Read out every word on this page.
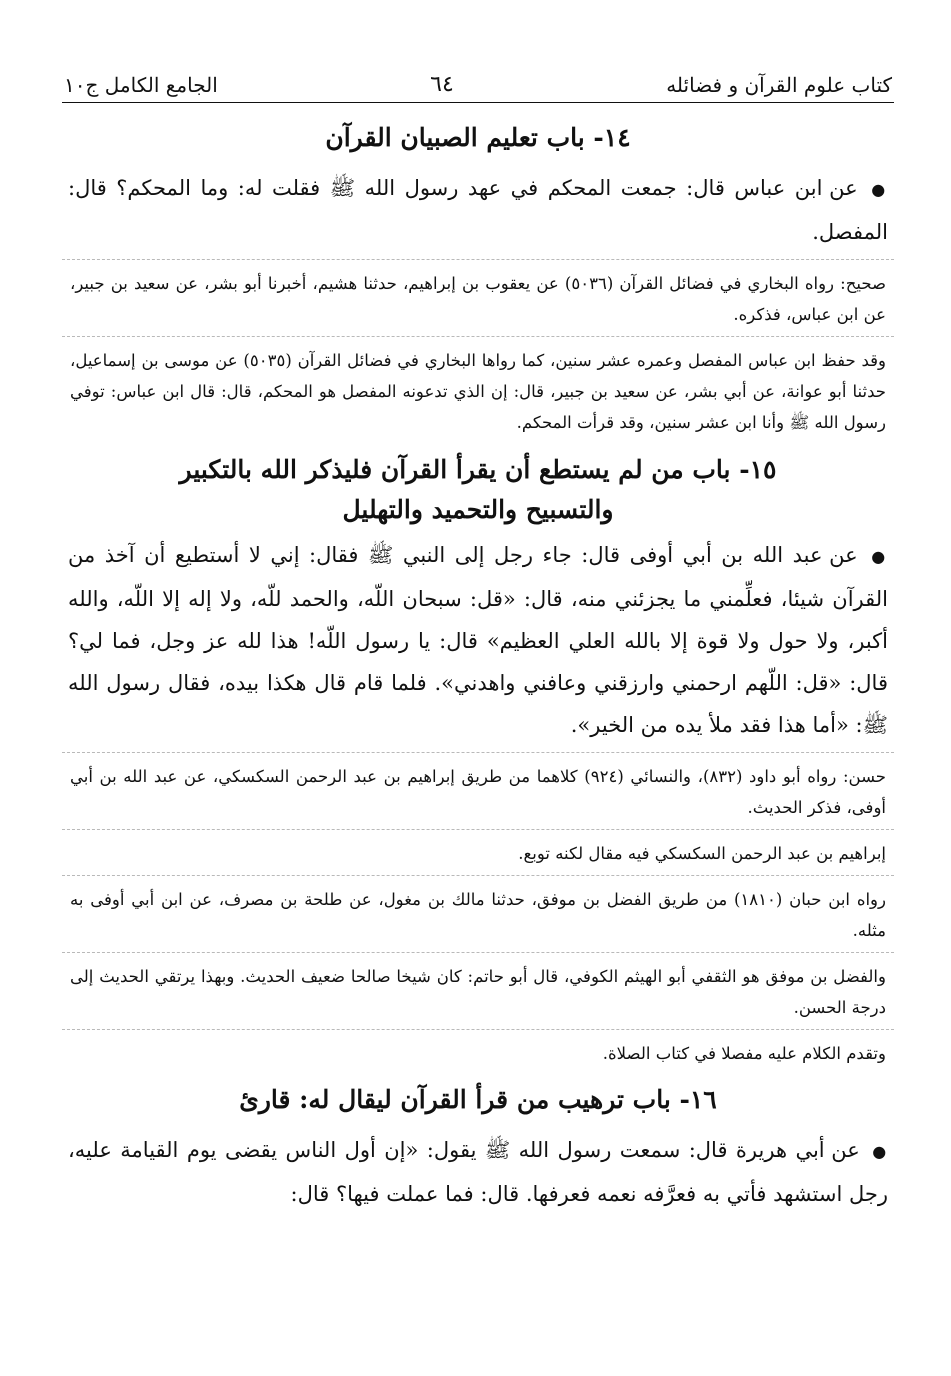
كتاب علوم القرآن و فضائله
٦٤
الجامع الكامل ج١٠
١٤- باب تعليم الصبيان القرآن

● عن ابن عباس قال: جمعت المحكم في عهد رسول الله ﷺ فقلت له: وما المحكم؟ قال: المفصل.

صحيح: رواه البخاري في فضائل القرآن (٥٠٣٦) عن يعقوب بن إبراهيم، حدثنا هشيم، أخبرنا أبو بشر، عن سعيد بن جبير، عن ابن عباس، فذكره.

وقد حفظ ابن عباس المفصل وعمره عشر سنين، كما رواها البخاري في فضائل القرآن (٥٠٣٥) عن موسى بن إسماعيل، حدثنا أبو عوانة، عن أبي بشر، عن سعيد بن جبير، قال: إن الذي تدعونه المفصل هو المحكم، قال: قال ابن عباس: توفي رسول الله ﷺ وأنا ابن عشر سنين، وقد قرأت المحكم.

١٥- باب من لم يستطع أن يقرأ القرآن فليذكر الله بالتكبير
والتسبيح والتحميد والتهليل

● عن عبد الله بن أبي أوفى قال: جاء رجل إلى النبي ﷺ فقال: إني لا أستطيع أن آخذ من القرآن شيئا، فعلِّمني ما يجزئني منه، قال: «قل: سبحان اللّه، والحمد للّه، ولا إله إلا اللّه، والله أكبر، ولا حول ولا قوة إلا بالله العلي العظيم» قال: يا رسول اللّه! هذا لله عز وجل، فما لي؟ قال: «قل: اللّهم ارحمني وارزقني وعافني واهدني». فلما قام قال هكذا بيده، فقال رسول الله ﷺ: «أما هذا فقد ملأ يده من الخير».

حسن: رواه أبو داود (٨٣٢)، والنسائي (٩٢٤) كلاهما من طريق إبراهيم بن عبد الرحمن السكسكي، عن عبد الله بن أبي أوفى، فذكر الحديث.

إبراهيم بن عبد الرحمن السكسكي فيه مقال لكنه توبع.

رواه ابن حبان (١٨١٠) من طريق الفضل بن موفق، حدثنا مالك بن مغول، عن طلحة بن مصرف، عن ابن أبي أوفى به مثله.

والفضل بن موفق هو الثقفي أبو الهيثم الكوفي، قال أبو حاتم: كان شيخا صالحا ضعيف الحديث. وبهذا يرتقي الحديث إلى درجة الحسن.

وتقدم الكلام عليه مفصلا في كتاب الصلاة.

١٦- باب ترهيب من قرأ القرآن ليقال له: قارئ

● عن أبي هريرة قال: سمعت رسول الله ﷺ يقول: «إن أول الناس يقضى يوم القيامة عليه، رجل استشهد فأتي به فعرَّفه نعمه فعرفها. قال: فما عملت فيها؟ قال:
